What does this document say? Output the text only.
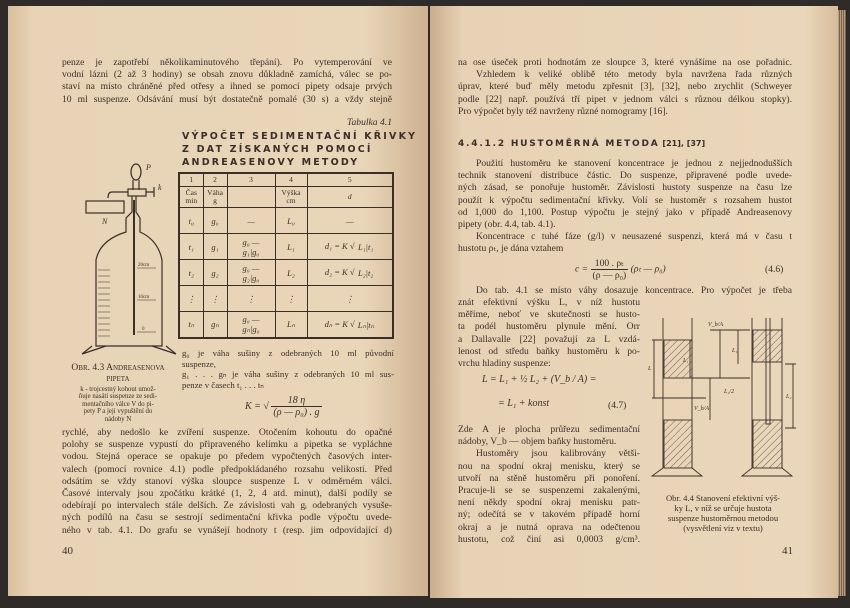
penze je zapotřebí několikaminutového třepání). Po vytemperování ve
vodní lázni (2 až 3 hodiny) se obsah znovu důkladně zamíchá, válec se po-
staví na místo chráněné před otřesy a ihned se pomocí pipety odsaje prvých
10 ml suspenze. Odsávání musí být dostatečně pomalé (30 s) a vždy stejně
Tabulka 4.1
VÝPOČET SEDIMENTAČNÍ KŘIVKY
Z DAT ZÍSKANÝCH POMOCÍ
ANDREASENOVY METODY
1	2	3	4	5
Čas min	Váha g		Výška cm	d
t₀	g₀	—	L₀	—
t₁	g₁	g₀ — g₁|g₀	L₁	d₁ = K √ L₁|t₁
t₂	g₂	g₀ — g₂|g₀	L₂	d₂ = K √ L₂|t₂
⋮	⋮	⋮	⋮	⋮
tₙ	gₙ	g₀ — gₙ|g₀	Lₙ	dₙ = K √ Lₙ|tₙ
g₀ je váha sušiny z odebraných 10 ml původní
suspenze,
g₁ . . . gₙ je váha sušiny z odebraných 10 ml sus-
penze v časech t₁ . . . tₙ
K = √ $\frac{18 \eta}{\text{(ρ — ρ₀) . g}}$
P
k
N
20cm
10cm
0
Obr. 4.3 Andreasenova
pipeta
k - trojcestný kohout umož-
ňuje nasátí suspenze ze sedi-
mentačního válce V do pi-
pety P a její vypuštění do
nádoby N
rychlé, aby nedošlo ke zvíření suspenze. Otočením kohoutu do opačné
polohy se suspenze vypustí do připraveného kelímku a pipetka se vypláchne
vodou. Stejná operace se opakuje po předem vypočtených časových inter-
valech (pomocí rovnice 4.1) podle předpokládaného rozsahu velikostí. Před
odsátím se vždy stanoví výška sloupce suspenze L v odměrném válci.
Časové intervaly jsou zpočátku krátké (1, 2, 4 atd. minut), další podíly se
odebírají po intervalech stále delších. Ze závislosti vah gᵢ odebraných vysuše-
ných podílů na času se sestrojí sedimentační křivka podle výpočtu uvede-
ného v tab. 4.1. Do grafu se vynášejí hodnoty t (resp. jim odpovídající d)
40
na ose úseček proti hodnotám ze sloupce 3, které vynášíme na ose pořadnic.
Vzhledem k veliké oblibě této metody byla navržena řada různých
úprav, které buď měly metodu zpřesnit [3], [32], nebo zrychlit (Schweyer
podle [22] např. používá tří pipet v jednom válci s různou délkou stopky).
Pro výpočet byly též navrženy různé nomogramy [16].
4.4.1.2 HUSTOMĚRNÁ METODA [21], [37]
Použití hustoměru ke stanovení koncentrace je jednou z nejjednodušších
technik stanovení distribuce částic. Do suspenze, připravené podle uvede-
ných zásad, se ponořuje hustoměr. Závislosti hustoty suspenze na času lze
použít k výpočtu sedimentační křivky. Volí se hustoměr s rozsahem hustot
od 1,000 do 1,100. Postup výpočtu je stejný jako v případě Andreasenovy
pipety (obr. 4.4, tab. 4.1).
Koncentrace c tuhé fáze (g/l) v neusazené suspenzi, která má v času t
hustotu ρₜ, je dána vztahem
$c = \frac{\text{100 . ρₜ}}{\text{(ρ — ρ₀)}} (\rho_t$ — ρ₀)	(4.6)
Do tab. 4.1 se místo váhy dosazuje koncentrace. Pro výpočet je třeba
znát efektivní výšku L, v níž hustotu
měříme, neboť ve skutečnosti se husto-
ta podél hustoměru plynule mění. Orr
a Dallavalle [22] považují za L vzdá-
lenost od středu baňky hustoměru k po-
vrchu hladiny suspenze:
L = L₁ + ½ L₂ + (V_b / A) =
= L₁ + konst	(4.7)
Zde A je plocha průřezu sedimentační
nádoby, V_b — objem baňky hustoměru.
Hustoměry jsou kalibrovány větši-
nou na spodní okraj menisku, který se
utvoří na stěně hustoměru při ponoření.
Pracuje-li se se suspenzemi zakalenými,
není někdy spodní okraj menisku patr-
ný; odečítá se v takovém případě horní
okraj a je nutná oprava na odečtenou
hustotu, což činí asi 0,0003 g/cm³.
L
L₁
L₁
L₂
L₂/2
V_b/A
V_b/A
Obr. 4.4 Stanovení efektivní výš-
ky L, v níž se určuje hustota
suspenze hustoměrnou metodou
(vysvětlení viz v textu)
41
